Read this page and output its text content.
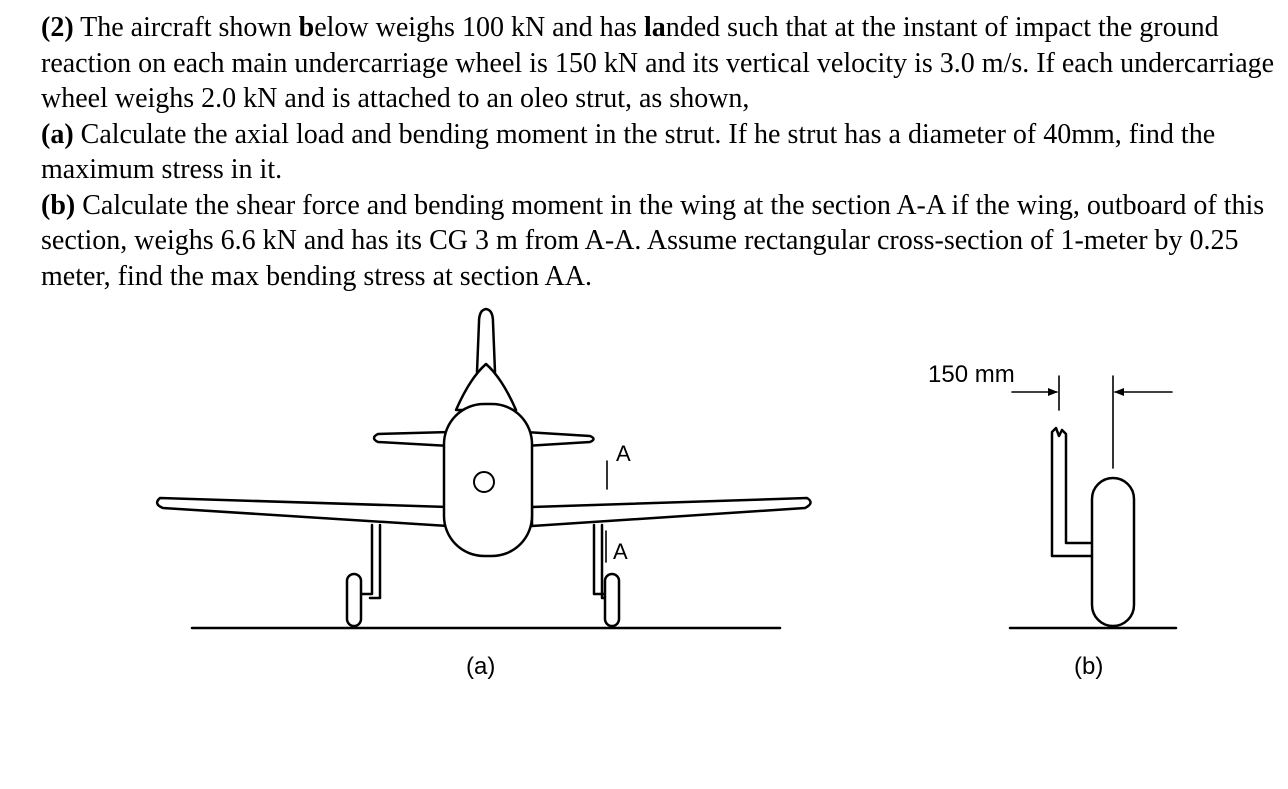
(2) The aircraft shown below weighs 100 kN and has landed such that at the instant of impact the ground reaction on each main undercarriage wheel is 150 kN and its vertical velocity is 3.0 m/s. If each undercarriage wheel weighs 2.0 kN and is attached to an oleo strut, as shown,

(a) Calculate the axial load and bending moment in the strut. If he strut has a diameter of 40mm, find the maximum stress in it.

(b) Calculate the shear force and bending moment in the wing at the section A-A if the wing, outboard of this section, weighs 6.6 kN and has its CG 3 m from A-A. Assume rectangular cross-section of 1-meter by 0.25 meter, find the max bending stress at section AA.

A
A
(a)
150 mm
(b)
